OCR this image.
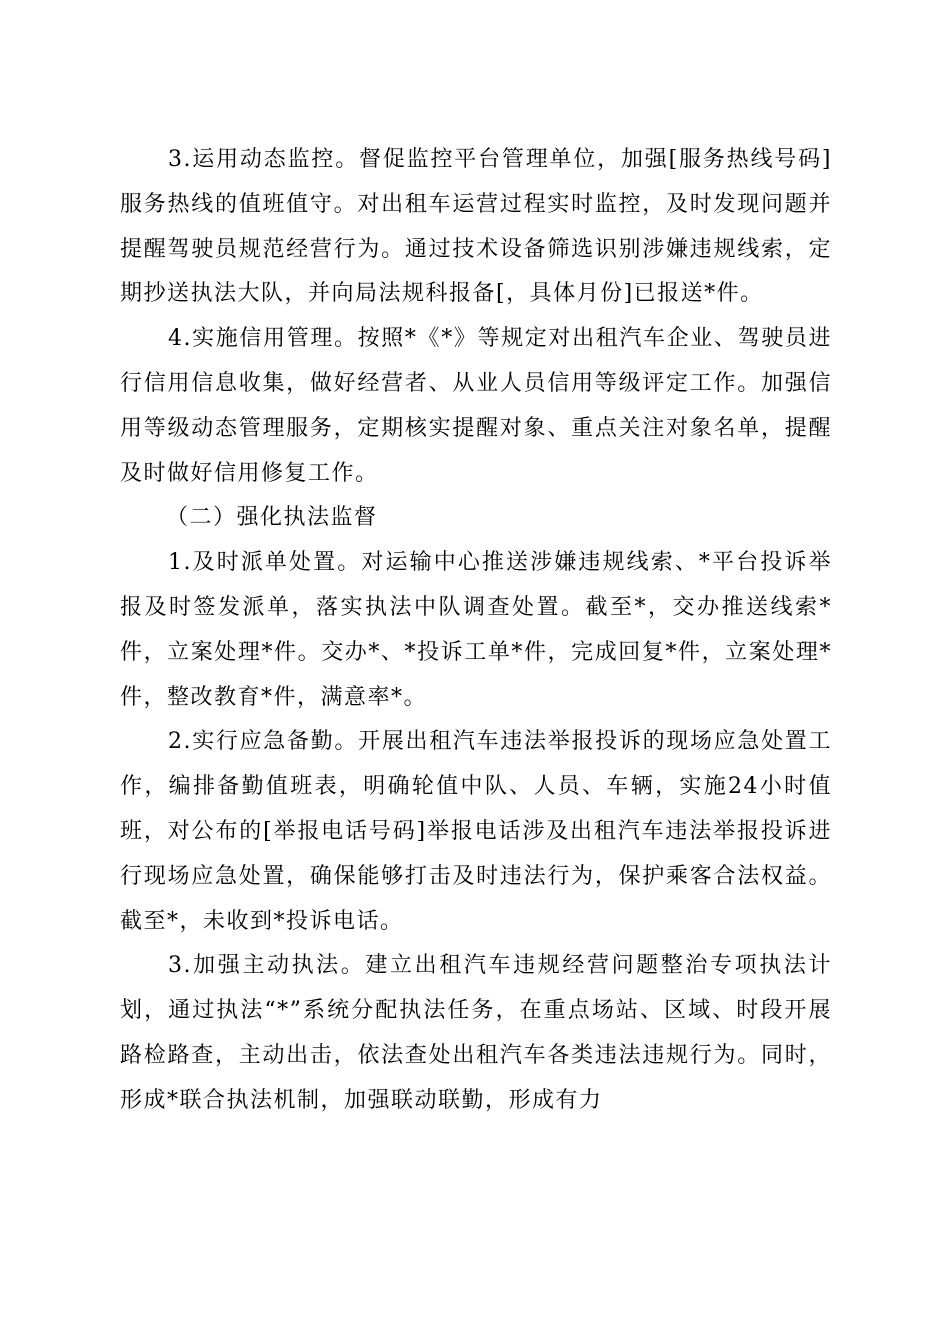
3.运用动态监控。督促监控平台管理单位，加强[服务热线号码]服务热线的值班值守。对出租车运营过程实时监控，及时发现问题并提醒驾驶员规范经营行为。通过技术设备筛选识别涉嫌违规线索，定期抄送执法大队，并向局法规科报备[，具体月份]已报送*件。

4.实施信用管理。按照*《*》等规定对出租汽车企业、驾驶员进行信用信息收集，做好经营者、从业人员信用等级评定工作。加强信用等级动态管理服务，定期核实提醒对象、重点关注对象名单，提醒及时做好信用修复工作。

（二）强化执法监督

1.及时派单处置。对运输中心推送涉嫌违规线索、*平台投诉举报及时签发派单，落实执法中队调查处置。截至*，交办推送线索*件，立案处理*件。交办*、*投诉工单*件，完成回复*件，立案处理*件，整改教育*件，满意率*。

2.实行应急备勤。开展出租汽车违法举报投诉的现场应急处置工作，编排备勤值班表，明确轮值中队、人员、车辆，实施24小时值班，对公布的[举报电话号码]举报电话涉及出租汽车违法举报投诉进行现场应急处置，确保能够打击及时违法行为，保护乘客合法权益。截至*，未收到*投诉电话。

3.加强主动执法。建立出租汽车违规经营问题整治专项执法计划，通过执法“*”系统分配执法任务，在重点场站、区域、时段开展路检路查，主动出击，依法查处出租汽车各类违法违规行为。同时，形成*联合执法机制，加强联动联勤，形成有力
